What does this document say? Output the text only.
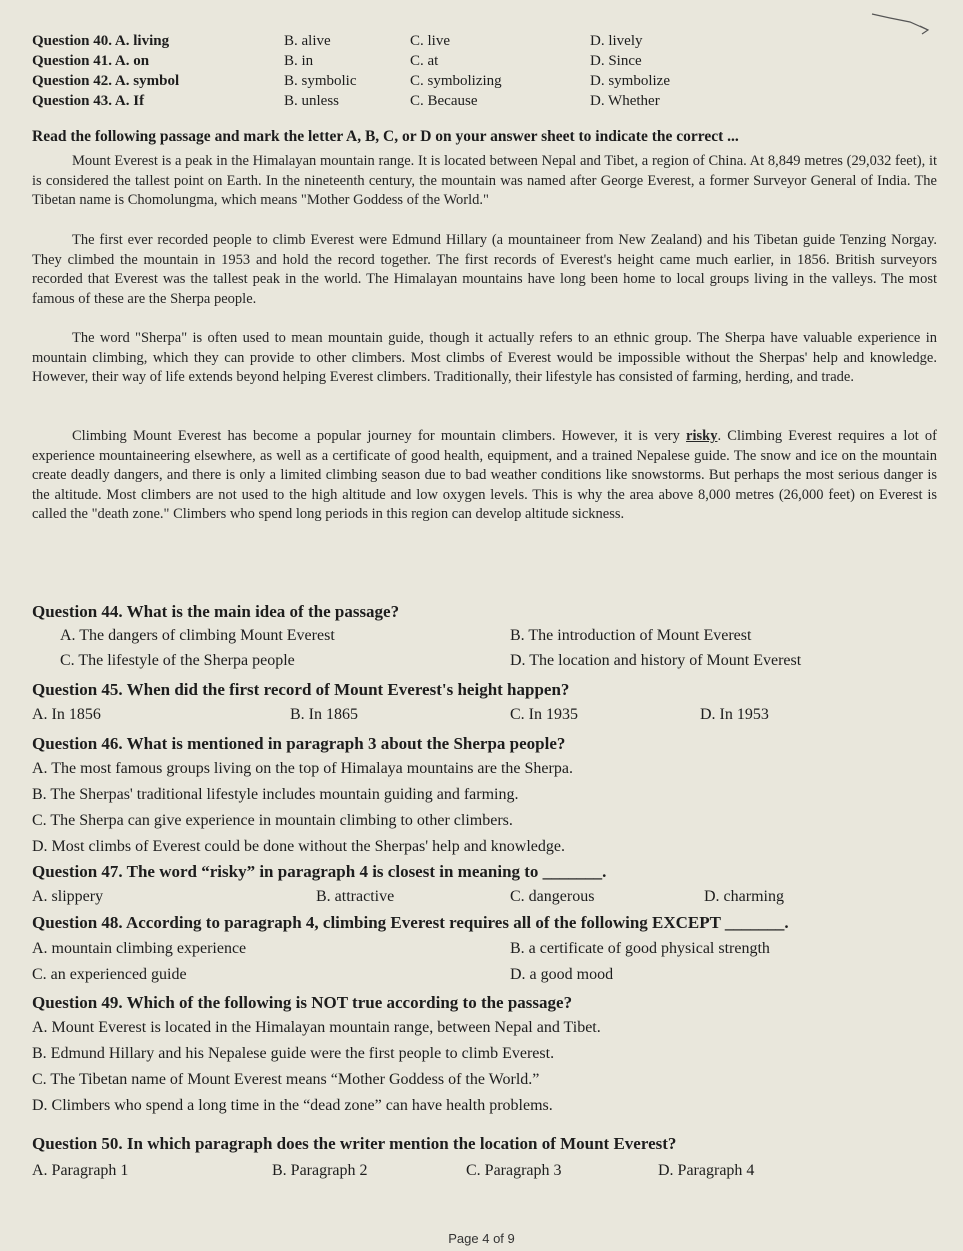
Question 40. A. living	B. alive	C. live	D. lively
Question 41. A. on	B. in	C. at	D. Since
Question 42. A. symbol	B. symbolic	C. symbolizing	D. symbolize
Question 43. A. If	B. unless	C. Because	D. Whether
Read the following passage and mark the letter A, B, C, or D on your answer sheet to indicate the correct ...
Mount Everest is a peak in the Himalayan mountain range. It is located between Nepal and Tibet, a region of China. At 8,849 metres (29,032 feet), it is considered the tallest point on Earth. In the nineteenth century, the mountain was named after George Everest, a former Surveyor General of India. The Tibetan name is Chomolungma, which means "Mother Goddess of the World."
The first ever recorded people to climb Everest were Edmund Hillary (a mountaineer from New Zealand) and his Tibetan guide Tenzing Norgay. They climbed the mountain in 1953 and hold the record together. The first records of Everest's height came much earlier, in 1856. British surveyors recorded that Everest was the tallest peak in the world. The Himalayan mountains have long been home to local groups living in the valleys. The most famous of these are the Sherpa people.
The word "Sherpa" is often used to mean mountain guide, though it actually refers to an ethnic group. The Sherpa have valuable experience in mountain climbing, which they can provide to other climbers. Most climbs of Everest would be impossible without the Sherpas' help and knowledge. However, their way of life extends beyond helping Everest climbers. Traditionally, their lifestyle has consisted of farming, herding, and trade.
Climbing Mount Everest has become a popular journey for mountain climbers. However, it is very risky. Climbing Everest requires a lot of experience mountaineering elsewhere, as well as a certificate of good health, equipment, and a trained Nepalese guide. The snow and ice on the mountain create deadly dangers, and there is only a limited climbing season due to bad weather conditions like snowstorms. But perhaps the most serious danger is the altitude. Most climbers are not used to the high altitude and low oxygen levels. This is why the area above 8,000 metres (26,000 feet) on Everest is called the "death zone." Climbers who spend long periods in this region can develop altitude sickness.
Question 44. What is the main idea of the passage?
A. The dangers of climbing Mount Everest	B. The introduction of Mount Everest
C. The lifestyle of the Sherpa people	D. The location and history of Mount Everest
Question 45. When did the first record of Mount Everest's height happen?
A. In 1856	B. In 1865	C. In 1935	D. In 1953
Question 46. What is mentioned in paragraph 3 about the Sherpa people?
A. The most famous groups living on the top of Himalaya mountains are the Sherpa.
B. The Sherpas' traditional lifestyle includes mountain guiding and farming.
C. The Sherpa can give experience in mountain climbing to other climbers.
D. Most climbs of Everest could be done without the Sherpas' help and knowledge.
Question 47. The word “risky” in paragraph 4 is closest in meaning to _______.
A. slippery	B. attractive	C. dangerous	D. charming
Question 48. According to paragraph 4, climbing Everest requires all of the following EXCEPT _______.
A. mountain climbing experience	B. a certificate of good physical strength
C. an experienced guide	D. a good mood
Question 49. Which of the following is NOT true according to the passage?
A. Mount Everest is located in the Himalayan mountain range, between Nepal and Tibet.
B. Edmund Hillary and his Nepalese guide were the first people to climb Everest.
C. The Tibetan name of Mount Everest means “Mother Goddess of the World.”
D. Climbers who spend a long time in the “dead zone” can have health problems.
Question 50. In which paragraph does the writer mention the location of Mount Everest?
A. Paragraph 1	B. Paragraph 2	C. Paragraph 3	D. Paragraph 4
Page 4 of 9
